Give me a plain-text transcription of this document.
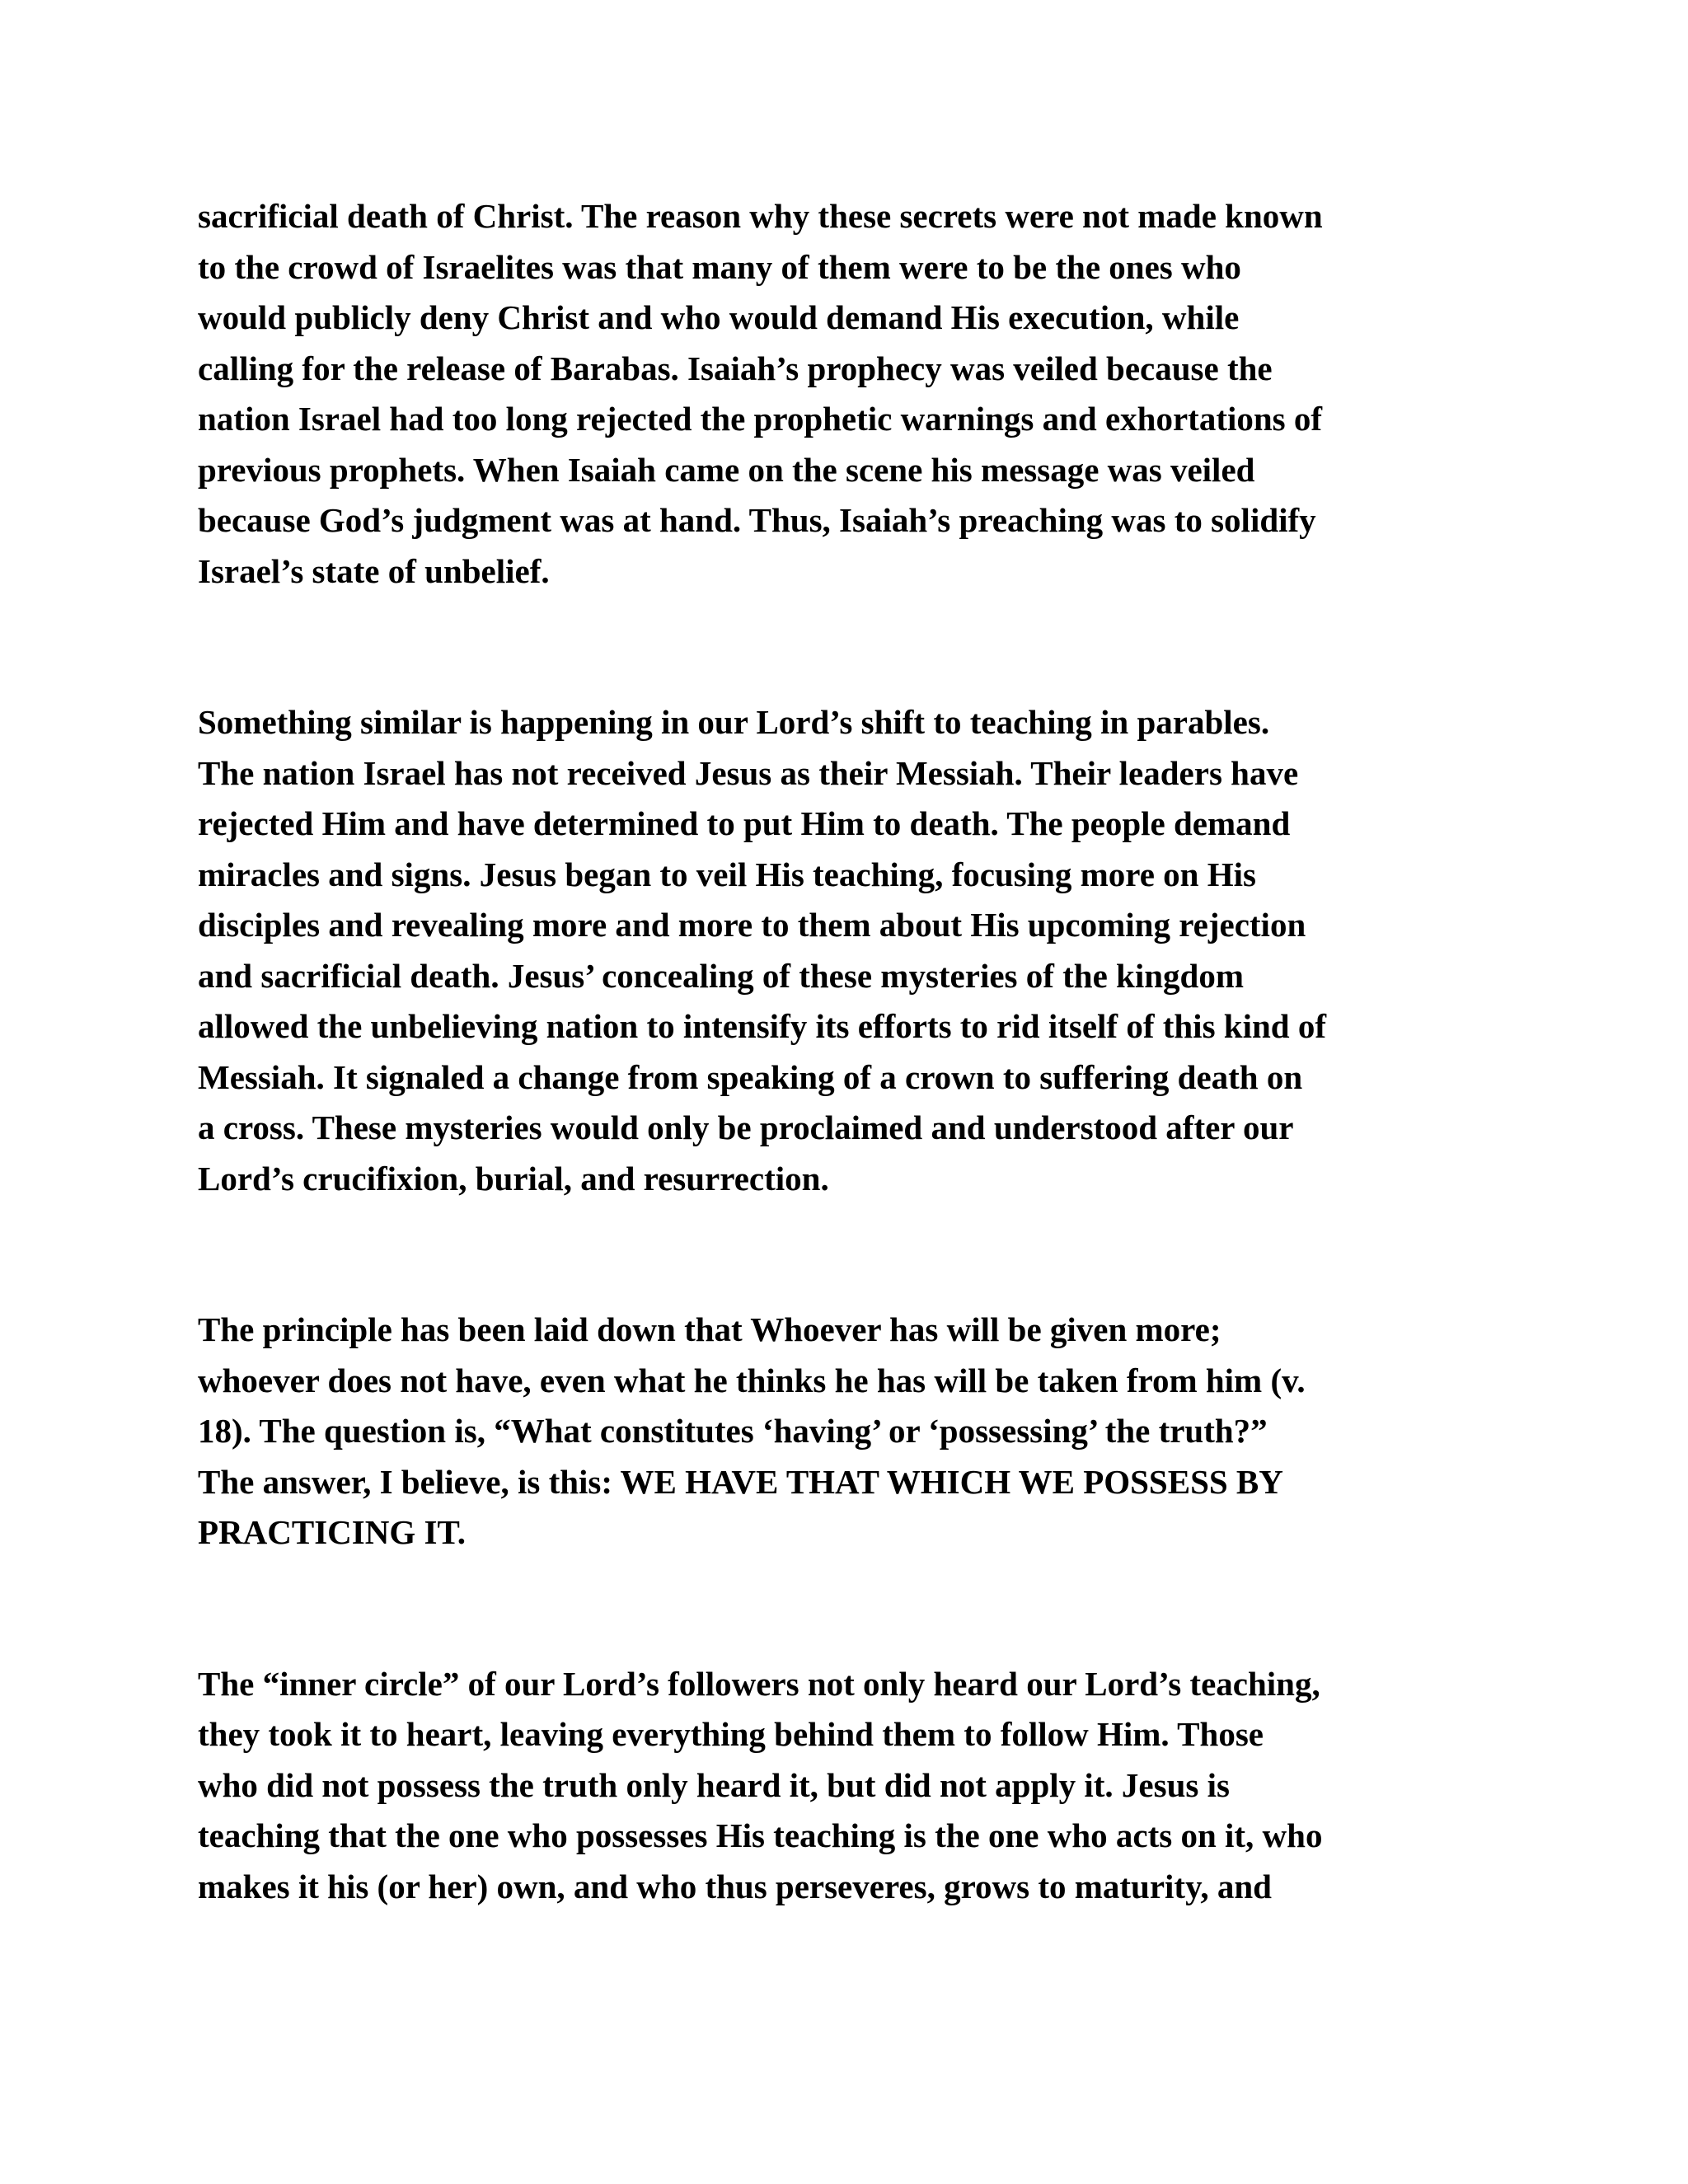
sacrificial death of Christ. The reason why these secrets were not made known
to the crowd of Israelites was that many of them were to be the ones who
would publicly deny Christ and who would demand His execution, while
calling for the release of Barabas. Isaiah’s prophecy was veiled because the
nation Israel had too long rejected the prophetic warnings and exhortations of
previous prophets. When Isaiah came on the scene his message was veiled
because God’s judgment was at hand. Thus, Isaiah’s preaching was to solidify
Israel’s state of unbelief.

Something similar is happening in our Lord’s shift to teaching in parables.
The nation Israel has not received Jesus as their Messiah. Their leaders have
rejected Him and have determined to put Him to death. The people demand
miracles and signs. Jesus began to veil His teaching, focusing more on His
disciples and revealing more and more to them about His upcoming rejection
and sacrificial death. Jesus’ concealing of these mysteries of the kingdom
allowed the unbelieving nation to intensify its efforts to rid itself of this kind of
Messiah. It signaled a change from speaking of a crown to suffering death on
a cross. These mysteries would only be proclaimed and understood after our
Lord’s crucifixion, burial, and resurrection.

The principle has been laid down that Whoever has will be given more;
whoever does not have, even what he thinks he has will be taken from him (v.
18). The question is, “What constitutes ‘having’ or ‘possessing’ the truth?”
The answer, I believe, is this: WE HAVE THAT WHICH WE POSSESS BY
PRACTICING IT.

The “inner circle” of our Lord’s followers not only heard our Lord’s teaching,
they took it to heart, leaving everything behind them to follow Him. Those
who did not possess the truth only heard it, but did not apply it. Jesus is
teaching that the one who possesses His teaching is the one who acts on it, who
makes it his (or her) own, and who thus perseveres, grows to maturity, and
